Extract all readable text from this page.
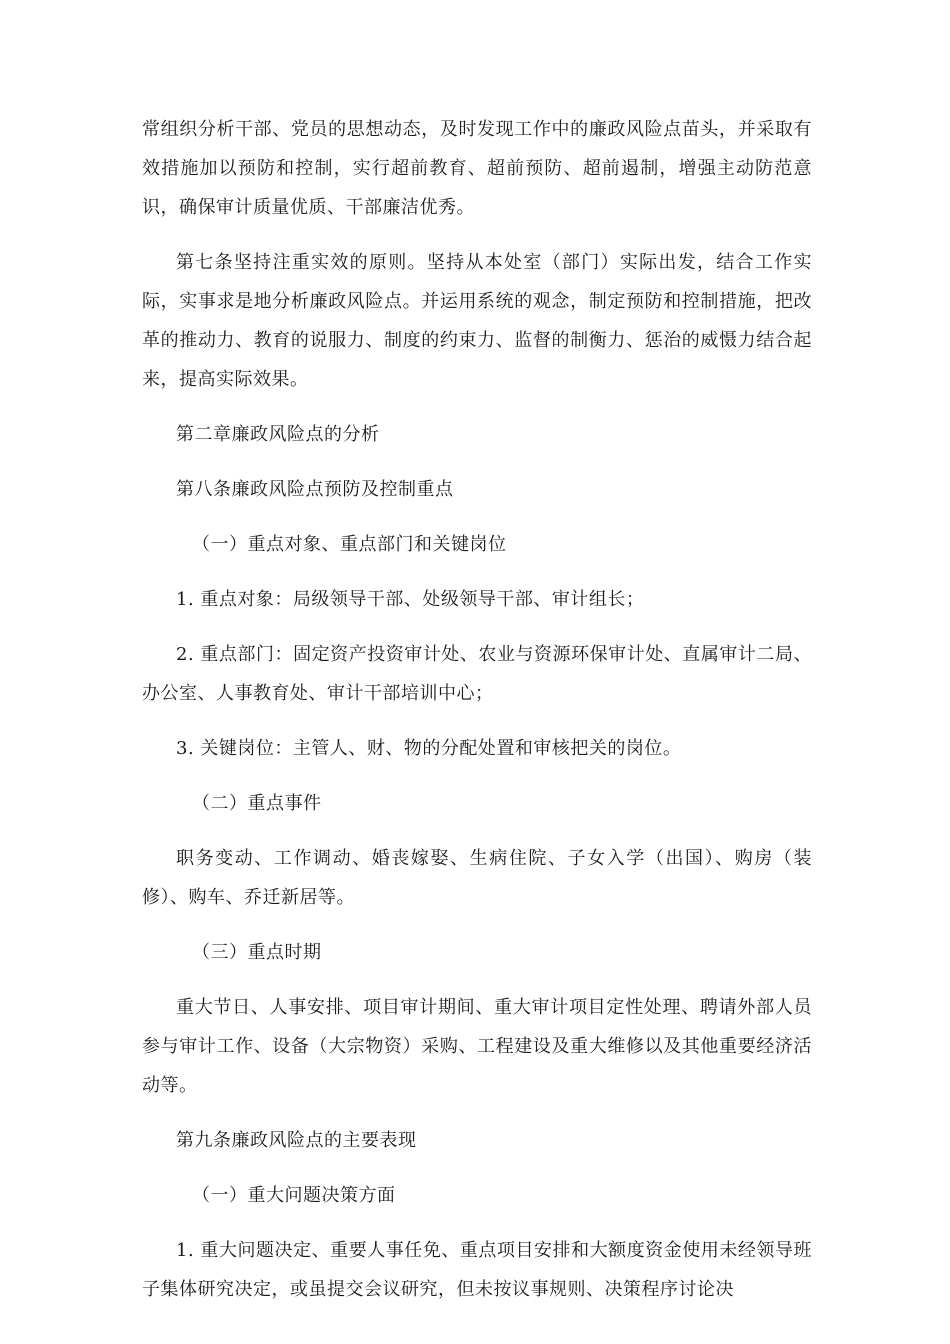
常组织分析干部、党员的思想动态，及时发现工作中的廉政风险点苗头，并采取有效措施加以预防和控制，实行超前教育、超前预防、超前遏制，增强主动防范意识，确保审计质量优质、干部廉洁优秀。

第七条坚持注重实效的原则。坚持从本处室（部门）实际出发，结合工作实际，实事求是地分析廉政风险点。并运用系统的观念，制定预防和控制措施，把改革的推动力、教育的说服力、制度的约束力、监督的制衡力、惩治的威慑力结合起来，提高实际效果。

第二章廉政风险点的分析

第八条廉政风险点预防及控制重点

（一）重点对象、重点部门和关键岗位

1. 重点对象：局级领导干部、处级领导干部、审计组长；

2. 重点部门：固定资产投资审计处、农业与资源环保审计处、直属审计二局、办公室、人事教育处、审计干部培训中心；

3. 关键岗位：主管人、财、物的分配处置和审核把关的岗位。

（二）重点事件

职务变动、工作调动、婚丧嫁娶、生病住院、子女入学（出国）、购房（装修）、购车、乔迁新居等。

（三）重点时期

重大节日、人事安排、项目审计期间、重大审计项目定性处理、聘请外部人员参与审计工作、设备（大宗物资）采购、工程建设及重大维修以及其他重要经济活动等。

第九条廉政风险点的主要表现

（一）重大问题决策方面

1. 重大问题决定、重要人事任免、重点项目安排和大额度资金使用未经领导班子集体研究决定，或虽提交会议研究，但未按议事规则、决策程序讨论决
